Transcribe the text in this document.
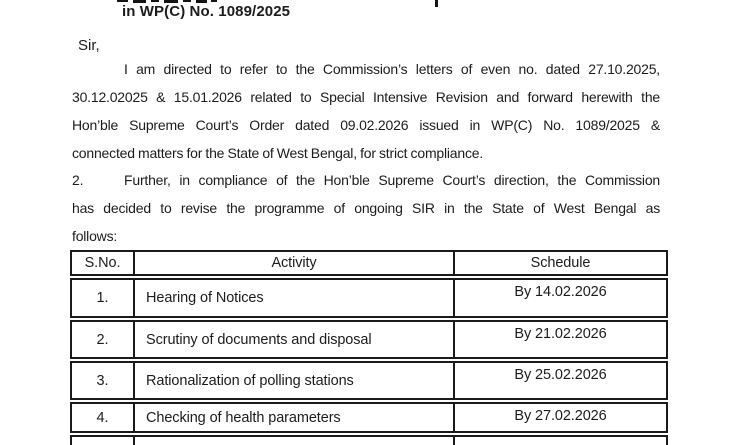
in WP(C) No. 1089/2025
Sir,
I am directed to refer to the Commission’s letters of even no. dated 27.10.2025,
30.12.02025 & 15.01.2026 related to Special Intensive Revision and forward herewith the
Hon’ble Supreme Court’s Order dated 09.02.2026 issued in WP(C) No. 1089/2025 &
connected matters for the State of West Bengal, for strict compliance.
2.	Further, in compliance of the Hon’ble Supreme Court’s direction, the Commission
has decided to revise the programme of ongoing SIR in the State of West Bengal as
follows:
S.No.	Activity	Schedule
1.	Hearing of Notices	By 14.02.2026
2.	Scrutiny of documents and disposal	By 21.02.2026
3.	Rationalization of polling stations	By 25.02.2026
4.	Checking of health parameters	By 27.02.2026
